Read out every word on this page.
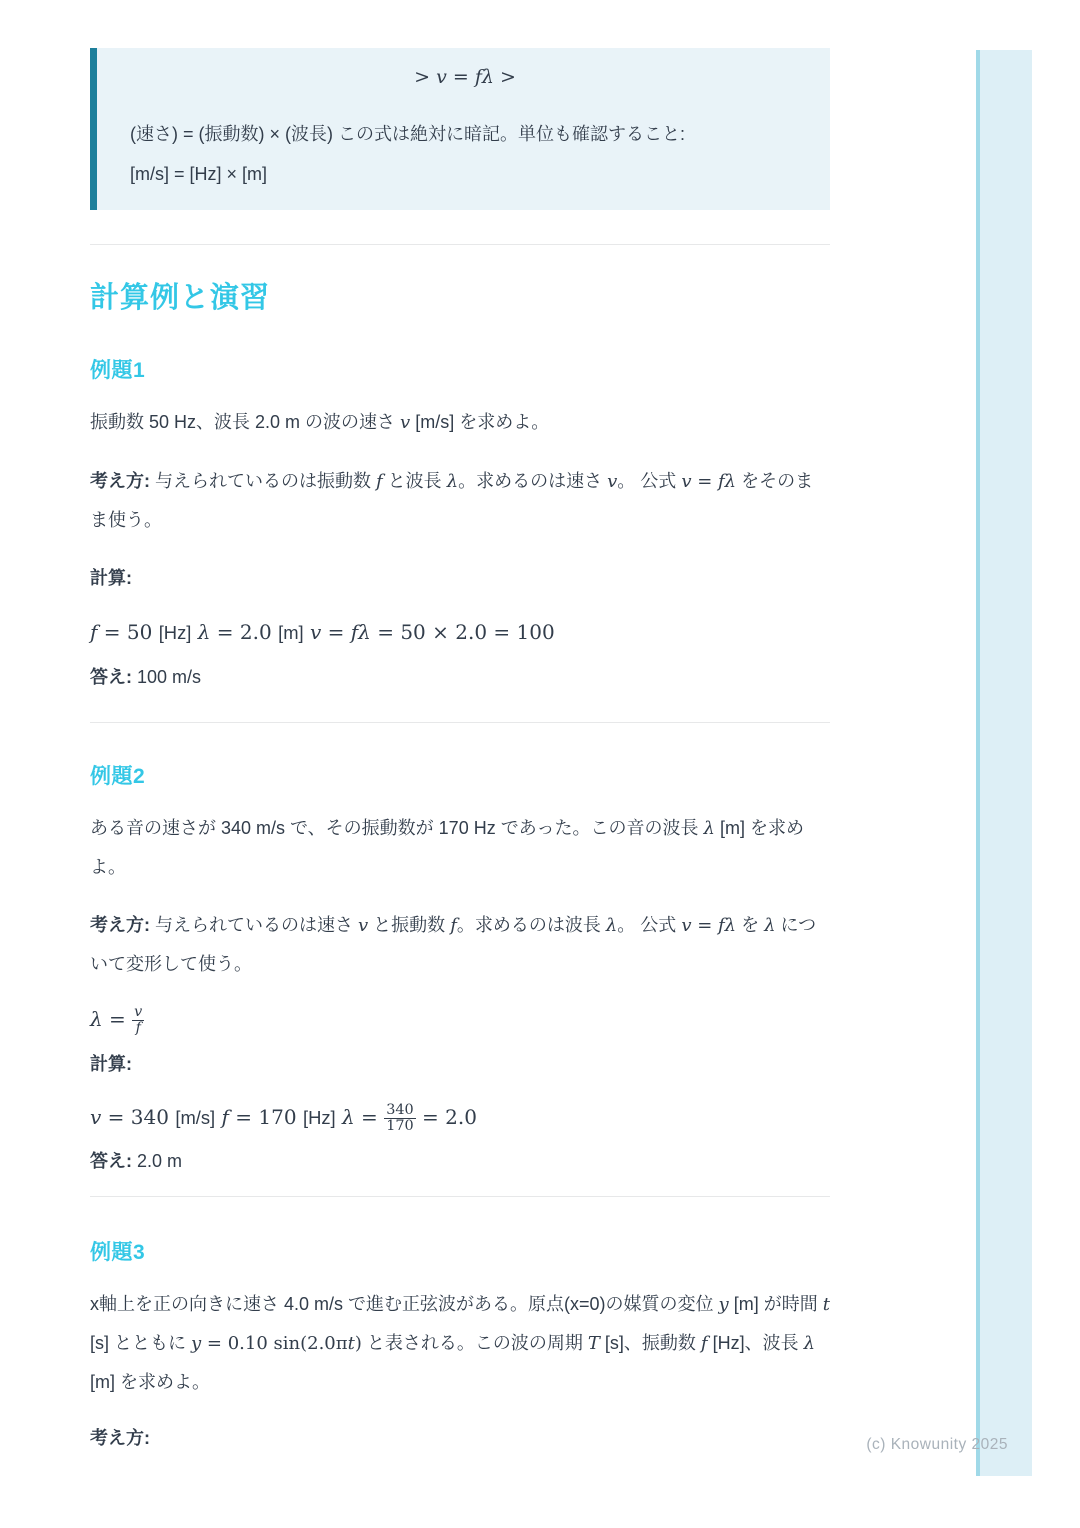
> v = fλ >
(速さ) = (振動数) × (波長) この式は絶対に暗記。単位も確認すること:
[m/s] = [Hz] × [m]
計算例と演習
例題1

振動数 50 Hz、波長 2.0 m の波の速さ v [m/s] を求めよ。

考え方: 与えられているのは振動数 f と波長 λ。求めるのは速さ v。 公式 v = fλ をそのまま使う。

計算:

f = 50 [Hz] λ = 2.0 [m] v = fλ = 50 × 2.0 = 100

答え: 100 m/s

例題2

ある音の速さが 340 m/s で、その振動数が 170 Hz であった。この音の波長 λ [m] を求めよ。

考え方: 与えられているのは速さ v と振動数 f。求めるのは波長 λ。 公式 v = fλ を λ について変形して使う。

$\lambda = \frac{v}{f}$

計算:

v = 340 [m/s] f = 170 [Hz] $\lambda = \frac{340}{170} = 2.0$

答え: 2.0 m

例題3

x軸上を正の向きに速さ 4.0 m/s で進む正弦波がある。原点(x=0)の媒質の変位 y [m] が時間 t [s] とともに y = 0.10 sin(2.0πt) と表される。この波の周期 T [s]、振動数 f [Hz]、波長 λ [m] を求めよ。

考え方:	(c) Knowunity 2025
